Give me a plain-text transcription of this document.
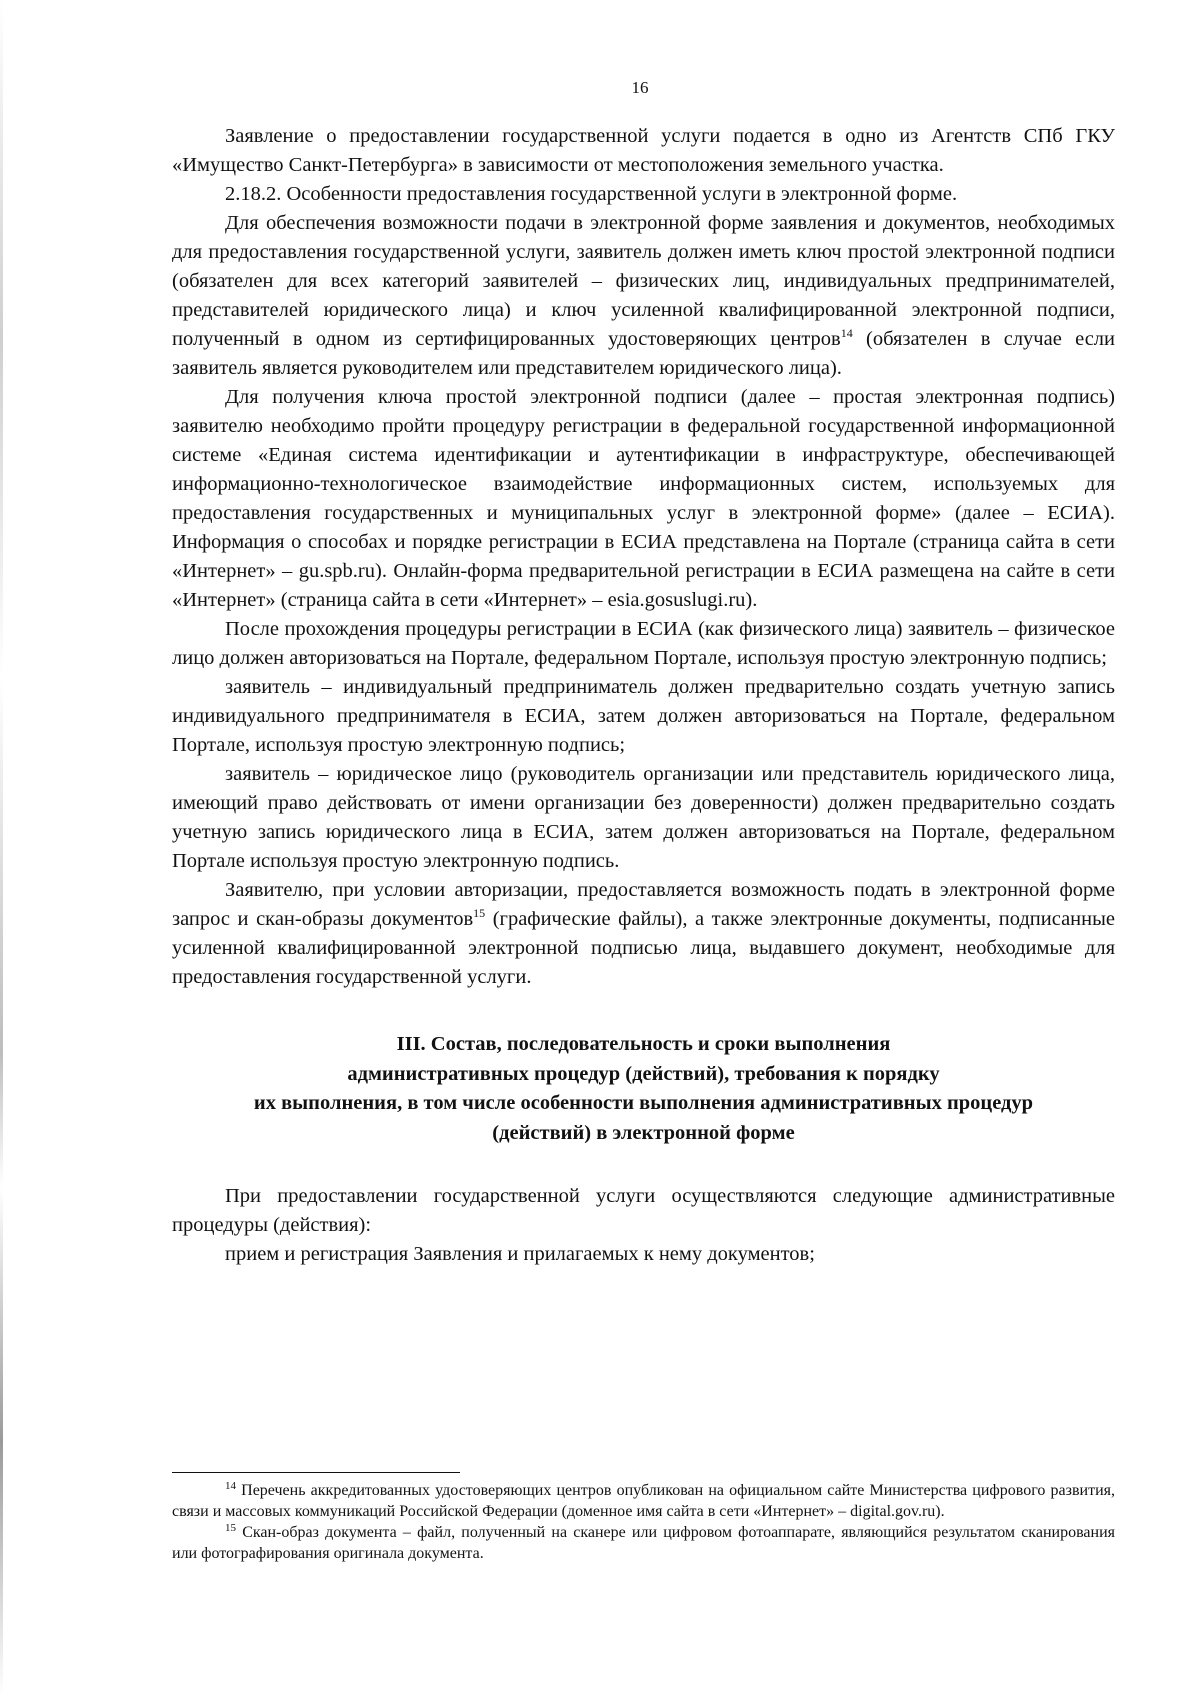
16

Заявление о предоставлении государственной услуги подается в одно из Агентств СПб ГКУ «Имущество Санкт-Петербурга» в зависимости от местоположения земельного участка.

2.18.2. Особенности предоставления государственной услуги в электронной форме.

Для обеспечения возможности подачи в электронной форме заявления и документов, необходимых для предоставления государственной услуги, заявитель должен иметь ключ простой электронной подписи (обязателен для всех категорий заявителей – физических лиц, индивидуальных предпринимателей, представителей юридического лица) и ключ усиленной квалифицированной электронной подписи, полученный в одном из сертифицированных удостоверяющих центров$^{14}$ (обязателен в случае если заявитель является руководителем или представителем юридического лица).

Для получения ключа простой электронной подписи (далее – простая электронная подпись) заявителю необходимо пройти процедуру регистрации в федеральной государственной информационной системе «Единая система идентификации и аутентификации в инфраструктуре, обеспечивающей информационно-технологическое взаимодействие информационных систем, используемых для предоставления государственных и муниципальных услуг в электронной форме» (далее – ЕСИА). Информация о способах и порядке регистрации в ЕСИА представлена на Портале (страница сайта в сети «Интернет» – gu.spb.ru). Онлайн-форма предварительной регистрации в ЕСИА размещена на сайте в сети «Интернет» (страница сайта в сети «Интернет» – esia.gosuslugi.ru).

После прохождения процедуры регистрации в ЕСИА (как физического лица) заявитель – физическое лицо должен авторизоваться на Портале, федеральном Портале, используя простую электронную подпись;

заявитель – индивидуальный предприниматель должен предварительно создать учетную запись индивидуального предпринимателя в ЕСИА, затем должен авторизоваться на Портале, федеральном Портале, используя простую электронную подпись;

заявитель – юридическое лицо (руководитель организации или представитель юридического лица, имеющий право действовать от имени организации без доверенности) должен предварительно создать учетную запись юридического лица в ЕСИА, затем должен авторизоваться на Портале, федеральном Портале используя простую электронную подпись.

Заявителю, при условии авторизации, предоставляется возможность подать в электронной форме запрос и скан-образы документов$^{15}$ (графические файлы), а также электронные документы, подписанные усиленной квалифицированной электронной подписью лица, выдавшего документ, необходимые для предоставления государственной услуги.

III. Состав, последовательность и сроки выполнения
административных процедур (действий), требования к порядку
их выполнения, в том числе особенности выполнения административных процедур
(действий) в электронной форме

При предоставлении государственной услуги осуществляются следующие административные процедуры (действия):

прием и регистрация Заявления и прилагаемых к нему документов;

$^{14}$ Перечень аккредитованных удостоверяющих центров опубликован на официальном сайте Министерства цифрового развития, связи и массовых коммуникаций Российской Федерации (доменное имя сайта в сети «Интернет» – digital.gov.ru).

$^{15}$ Скан-образ документа – файл, полученный на сканере или цифровом фотоаппарате, являющийся результатом сканирования или фотографирования оригинала документа.
